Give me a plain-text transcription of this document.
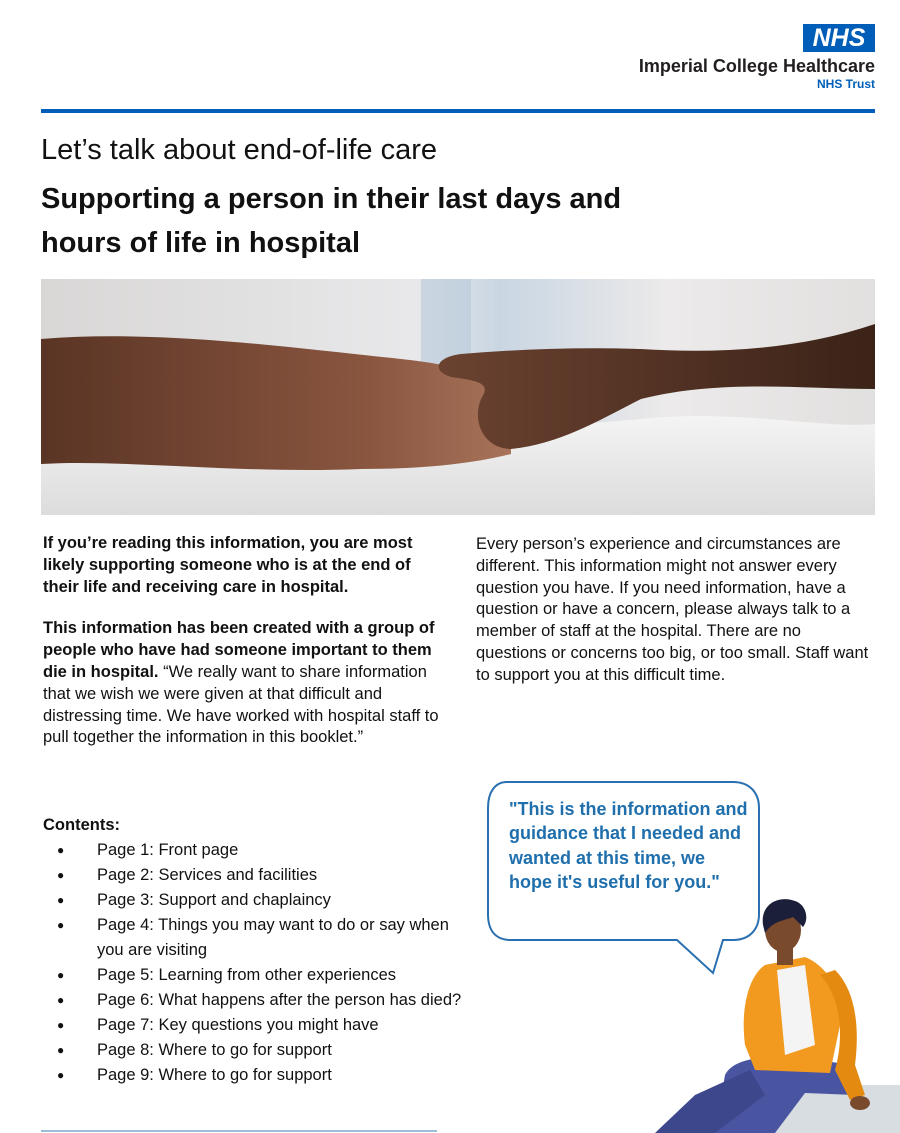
NHS
Imperial College Healthcare
NHS Trust
Let’s talk about end-of-life care
Supporting a person in their last days and hours of life in hospital

If you’re reading this information, you are most likely supporting someone who is at the end of their life and receiving care in hospital.

This information has been created with a group of people who have had someone important to them die in hospital. “We really want to share information that we wish we were given at that difficult and distressing time. We have worked with hospital staff to pull together the information in this booklet.”

Every person’s experience and circumstances are different. This information might not answer every question you have. If you need information, have a question or have a concern, please always talk to a member of staff at the hospital. There are no questions or concerns too big, or too small. Staff want to support you at this difficult time.

Contents:
● Page 1: Front page
● Page 2: Services and facilities
● Page 3: Support and chaplaincy
● Page 4: Things you may want to do or say when you are visiting
● Page 5: Learning from other experiences
● Page 6: What happens after the person has died?
● Page 7: Key questions you might have
● Page 8: Where to go for support
● Page 9: Where to go for support
"This is the information and guidance that I needed and wanted at this time, we hope it's useful for you."
